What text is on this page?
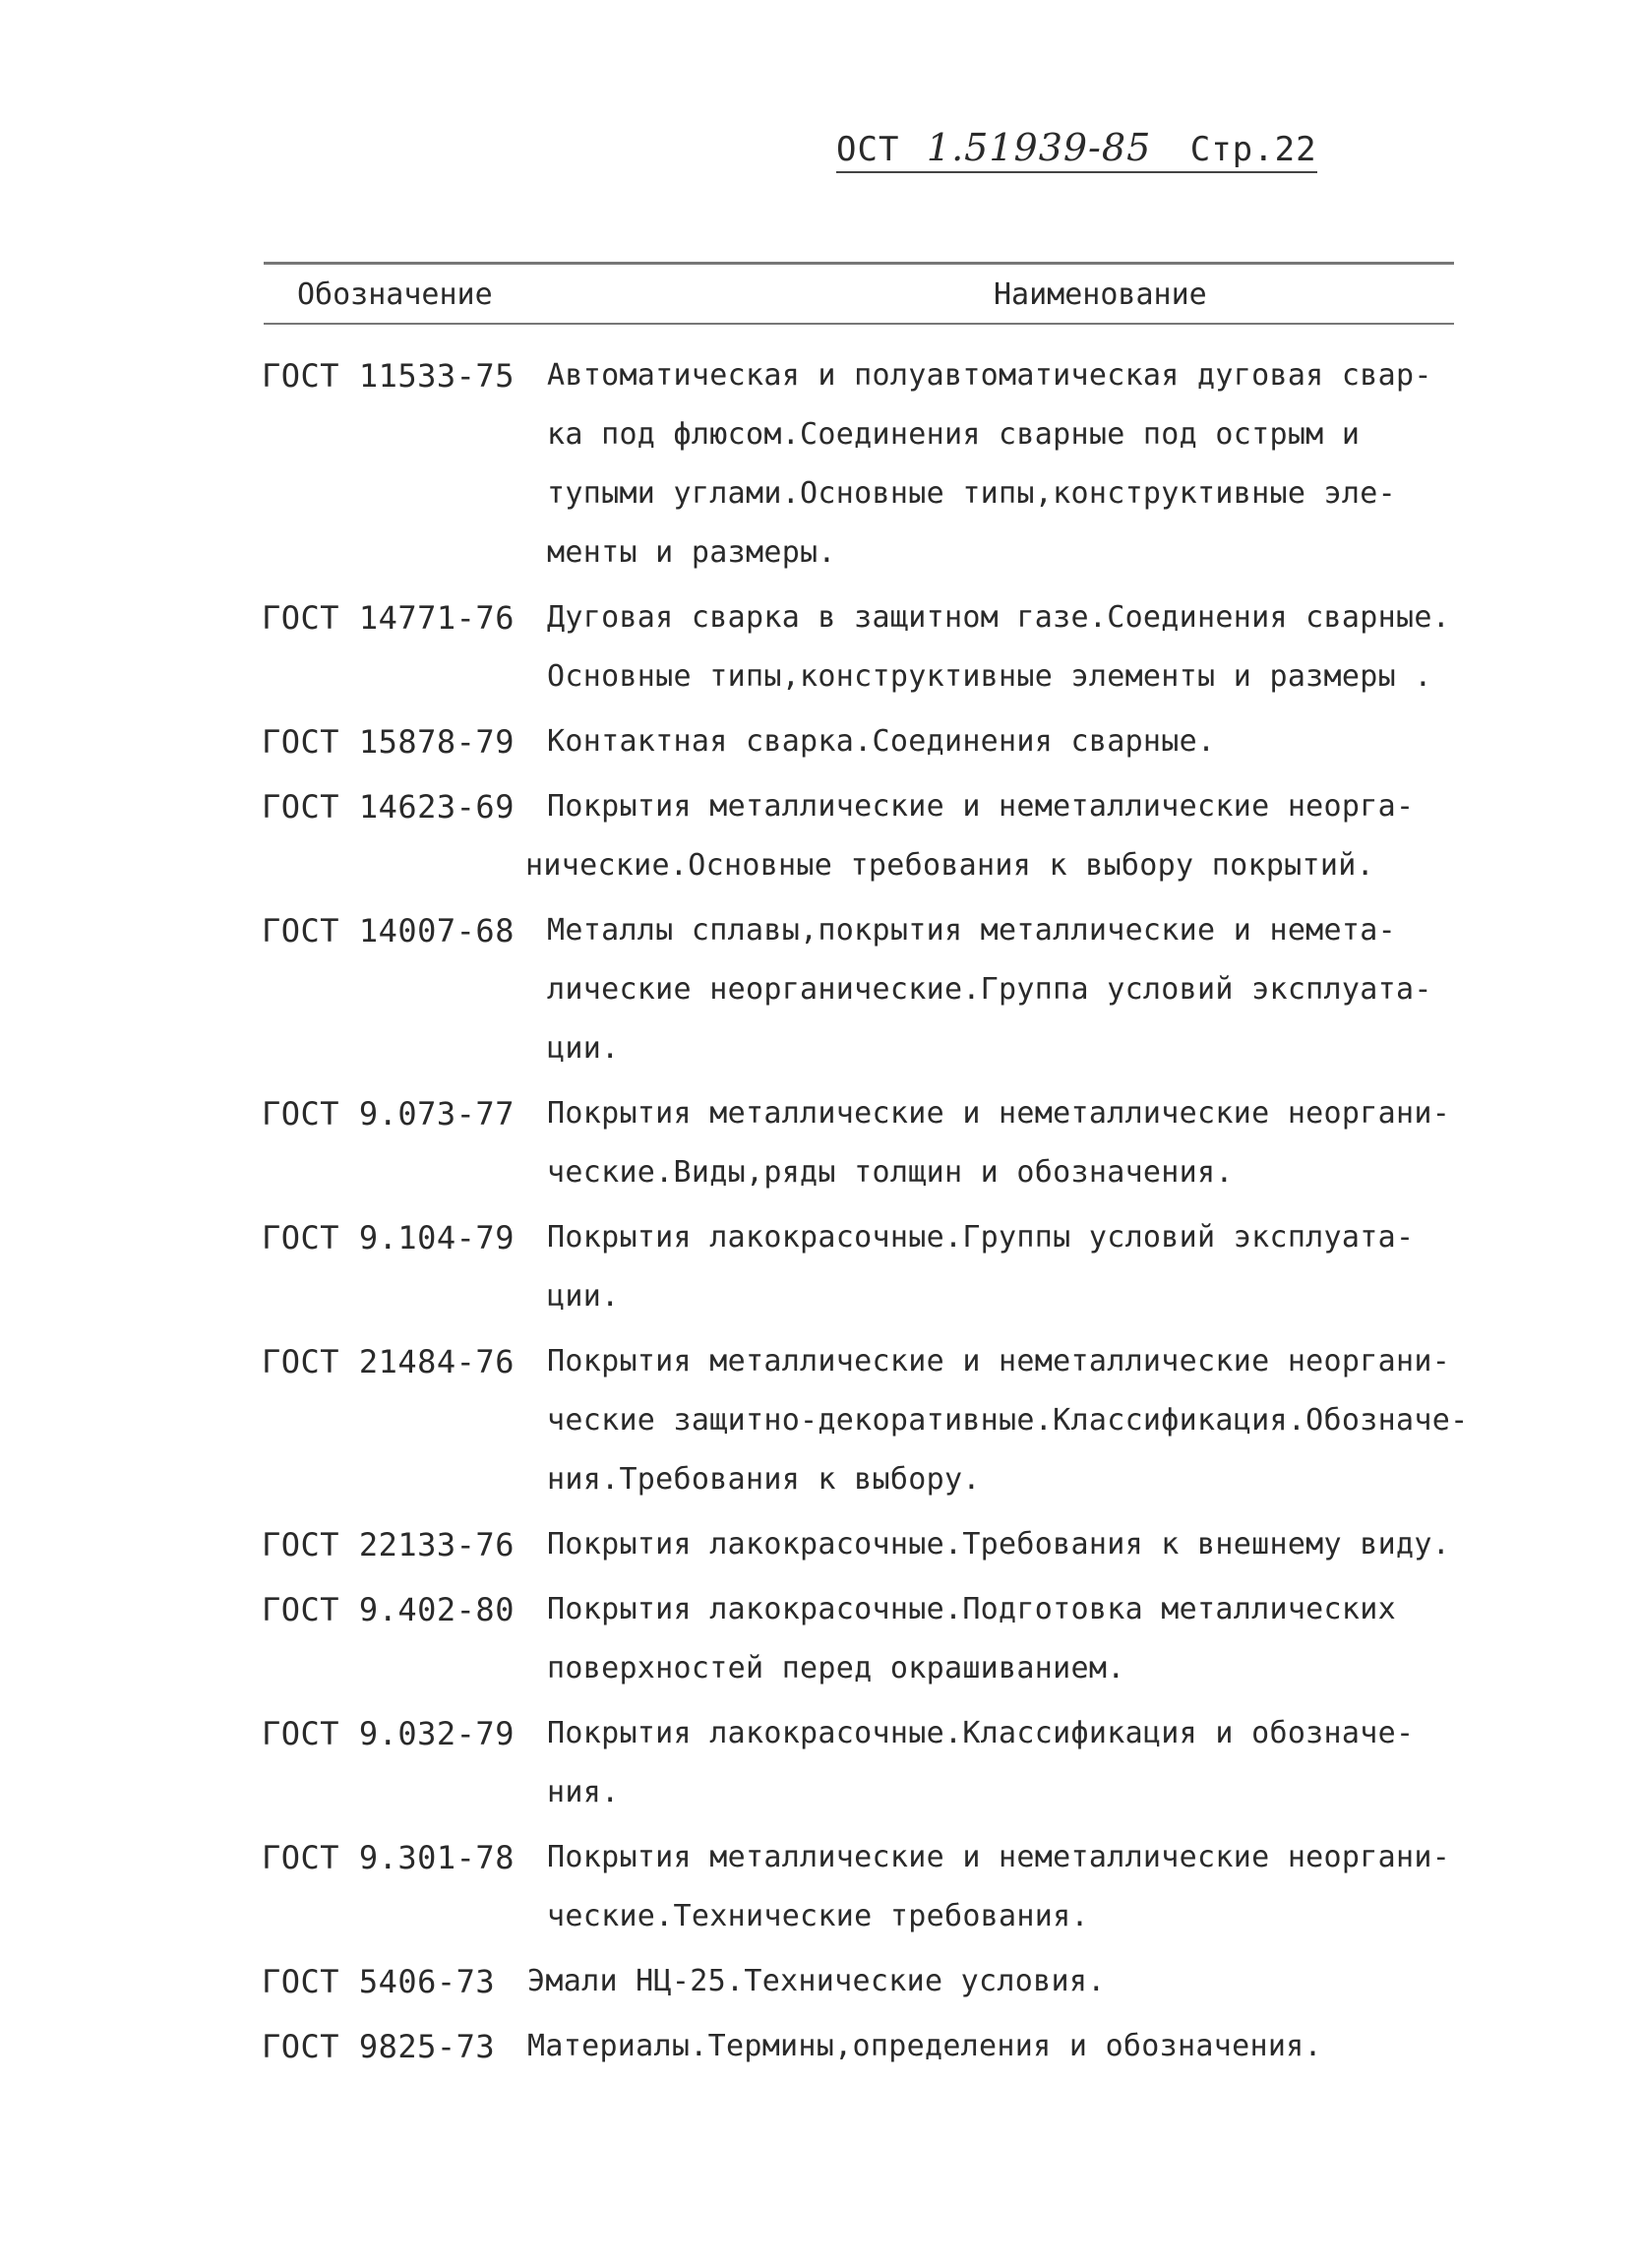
ОСТ 1.51939-85 Стр.22
Обозначение	Наименование
ГОСТ 11533-75 Автоматическая и полуавтоматическая дуговая свар-
ка под флюсом.Соединения сварные под острым и
тупыми углами.Основные типы,конструктивные эле-
менты и размеры.
ГОСТ 14771-76 Дуговая сварка в защитном газе.Соединения сварные.
Основные типы,конструктивные элементы и размеры .
ГОСТ 15878-79 Контактная сварка.Соединения сварные.
ГОСТ 14623-69 Покрытия металлические и неметаллические неорга-
нические.Основные требования к выбору покрытий.
ГОСТ 14007-68 Металлы сплавы,покрытия металлические и немета-
лические неорганические.Группа условий эксплуата-
ции.
ГОСТ 9.073-77 Покрытия металлические и неметаллические неоргани-
ческие.Виды,ряды толщин и обозначения.
ГОСТ 9.104-79 Покрытия лакокрасочные.Группы условий эксплуата-
ции.
ГОСТ 21484-76 Покрытия металлические и неметаллические неоргани-
ческие защитно-декоративные.Классификация.Обозначе-
ния.Требования к выбору.
ГОСТ 22133-76 Покрытия лакокрасочные.Требования к внешнему виду.
ГОСТ 9.402-80 Покрытия лакокрасочные.Подготовка металлических
поверхностей перед окрашиванием.
ГОСТ 9.032-79 Покрытия лакокрасочные.Классификация и обозначе-
ния.
ГОСТ 9.301-78 Покрытия металлические и неметаллические неоргани-
ческие.Технические требования.
ГОСТ 5406-73 Эмали НЦ-25.Технические условия.
ГОСТ 9825-73 Материалы.Термины,определения и обозначения.
